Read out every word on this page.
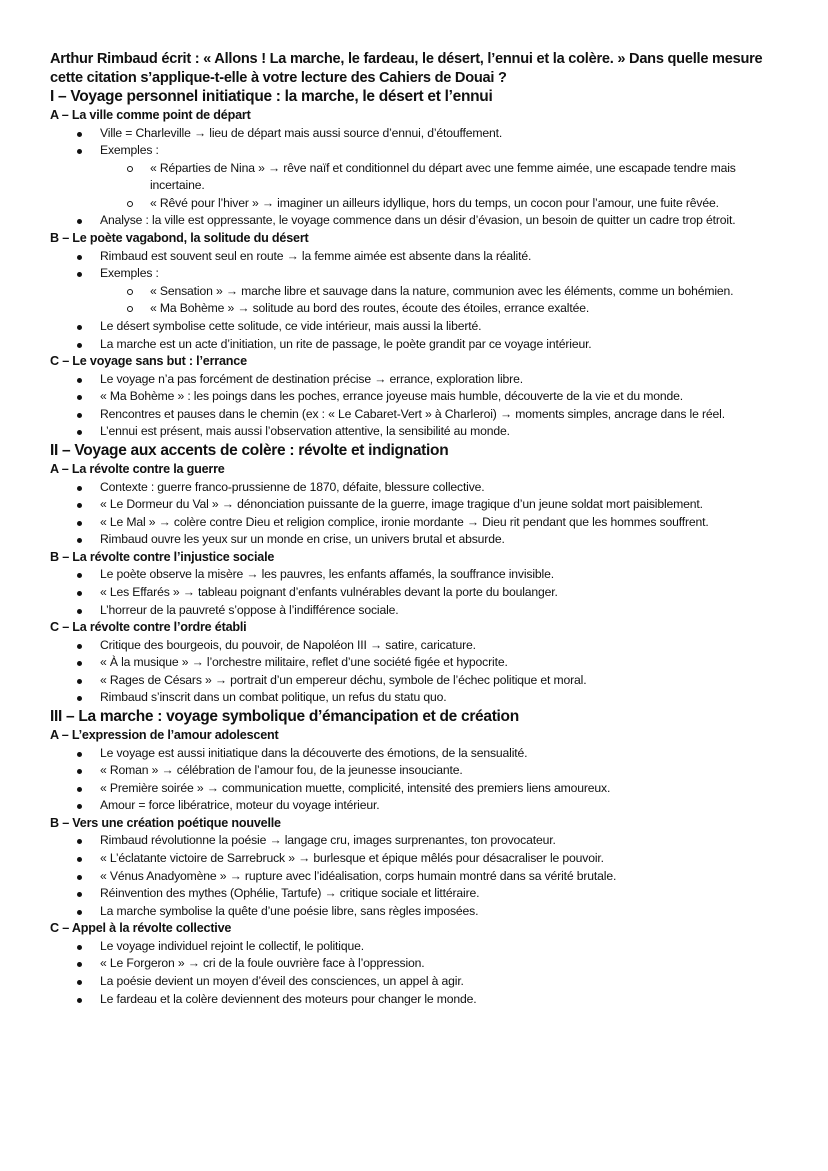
Arthur Rimbaud écrit : « Allons ! La marche, le fardeau, le désert, l’ennui et la colère. » Dans quelle mesure cette citation s’applique-t-elle à votre lecture des Cahiers de Douai ?

I – Voyage personnel initiatique : la marche, le désert et l’ennui

A – La ville comme point de départ

Ville = Charleville → lieu de départ mais aussi source d’ennui, d’étouffement.
Exemples :
« Réparties de Nina » → rêve naïf et conditionnel du départ avec une femme aimée, une escapade tendre mais incertaine.
« Rêvé pour l’hiver » → imaginer un ailleurs idyllique, hors du temps, un cocon pour l’amour, une fuite rêvée.
Analyse : la ville est oppressante, le voyage commence dans un désir d’évasion, un besoin de quitter un cadre trop étroit.

B – Le poète vagabond, la solitude du désert

Rimbaud est souvent seul en route → la femme aimée est absente dans la réalité.
Exemples :
« Sensation » → marche libre et sauvage dans la nature, communion avec les éléments, comme un bohémien.
« Ma Bohème » → solitude au bord des routes, écoute des étoiles, errance exaltée.
Le désert symbolise cette solitude, ce vide intérieur, mais aussi la liberté.
La marche est un acte d’initiation, un rite de passage, le poète grandit par ce voyage intérieur.

C – Le voyage sans but : l’errance

Le voyage n’a pas forcément de destination précise → errance, exploration libre.
« Ma Bohème » : les poings dans les poches, errance joyeuse mais humble, découverte de la vie et du monde.
Rencontres et pauses dans le chemin (ex : « Le Cabaret-Vert » à Charleroi) → moments simples, ancrage dans le réel.
L’ennui est présent, mais aussi l’observation attentive, la sensibilité au monde.

II – Voyage aux accents de colère : révolte et indignation

A – La révolte contre la guerre

Contexte : guerre franco-prussienne de 1870, défaite, blessure collective.
« Le Dormeur du Val » → dénonciation puissante de la guerre, image tragique d’un jeune soldat mort paisiblement.
« Le Mal » → colère contre Dieu et religion complice, ironie mordante → Dieu rit pendant que les hommes souffrent.
Rimbaud ouvre les yeux sur un monde en crise, un univers brutal et absurde.

B – La révolte contre l’injustice sociale

Le poète observe la misère → les pauvres, les enfants affamés, la souffrance invisible.
« Les Effarés » → tableau poignant d’enfants vulnérables devant la porte du boulanger.
L’horreur de la pauvreté s’oppose à l’indifférence sociale.

C – La révolte contre l’ordre établi

Critique des bourgeois, du pouvoir, de Napoléon III → satire, caricature.
« À la musique » → l’orchestre militaire, reflet d’une société figée et hypocrite.
« Rages de Césars » → portrait d’un empereur déchu, symbole de l’échec politique et moral.
Rimbaud s’inscrit dans un combat politique, un refus du statu quo.

III – La marche : voyage symbolique d’émancipation et de création

A – L’expression de l’amour adolescent

Le voyage est aussi initiatique dans la découverte des émotions, de la sensualité.
« Roman » → célébration de l’amour fou, de la jeunesse insouciante.
« Première soirée » → communication muette, complicité, intensité des premiers liens amoureux.
Amour = force libératrice, moteur du voyage intérieur.

B – Vers une création poétique nouvelle

Rimbaud révolutionne la poésie → langage cru, images surprenantes, ton provocateur.
« L’éclatante victoire de Sarrebruck » → burlesque et épique mêlés pour désacraliser le pouvoir.
« Vénus Anadyomène » → rupture avec l’idéalisation, corps humain montré dans sa vérité brutale.
Réinvention des mythes (Ophélie, Tartufe) → critique sociale et littéraire.
La marche symbolise la quête d’une poésie libre, sans règles imposées.

C – Appel à la révolte collective

Le voyage individuel rejoint le collectif, le politique.
« Le Forgeron » → cri de la foule ouvrière face à l’oppression.
La poésie devient un moyen d’éveil des consciences, un appel à agir.
Le fardeau et la colère deviennent des moteurs pour changer le monde.
